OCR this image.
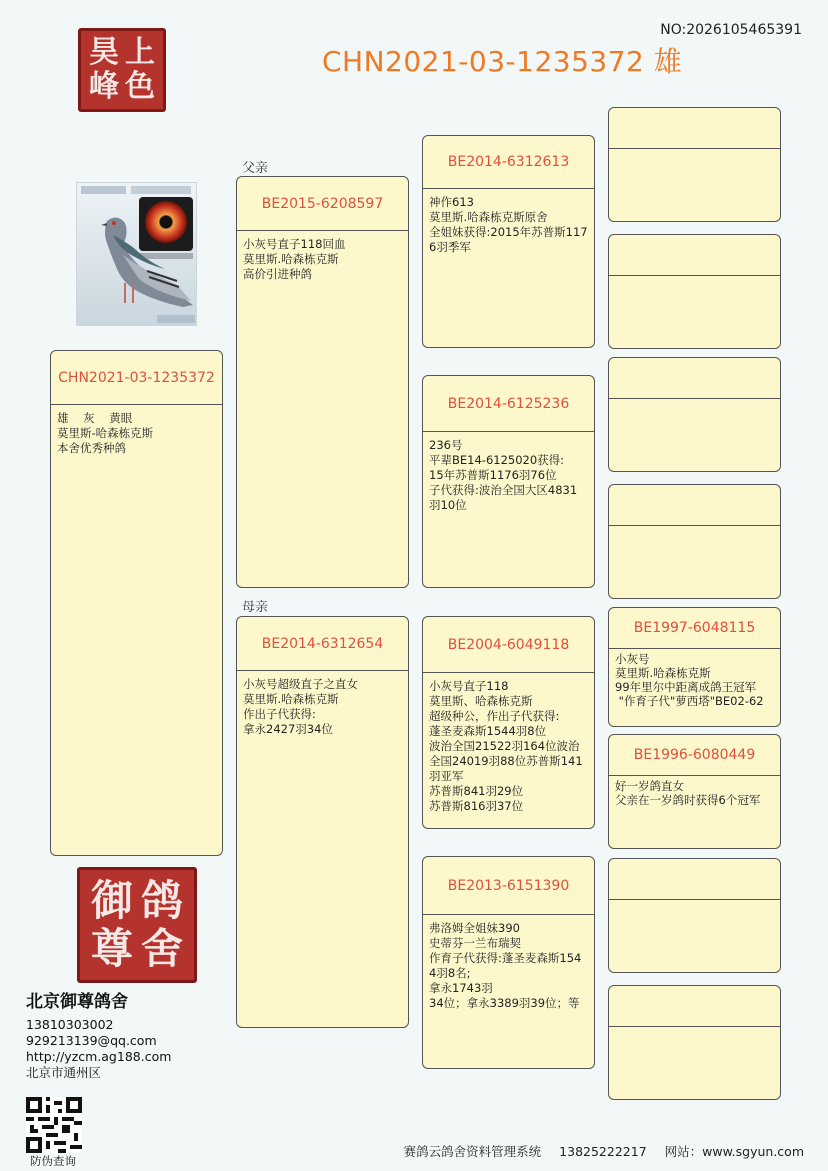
NO:2026105465391
CHN2021-03-1235372 雄
昊 上
峰 色
父亲
母亲
CHN2021-03-1235372
雄    灰    黄眼
莫里斯-哈森栋克斯
本舍优秀种鸽
BE2015-6208597
小灰号直子118回血
莫里斯.哈森栋克斯
高价引进种鸽
BE2014-6312654
小灰号超级直子之直女
莫里斯.哈森栋克斯
作出子代获得:
拿永2427羽34位
BE2014-6312613
神作613
莫里斯.哈森栋克斯原舍
全姐妹获得:2015年苏普斯1176羽季军
BE2014-6125236
236号
平辈BE14-6125020获得:
15年苏普斯1176羽76位
子代获得:波治全国大区4831羽10位
BE2004-6049118
小灰号直子118
莫里斯、哈森栋克斯
超级种公，作出子代获得:
蓬圣麦森斯1544羽8位
波治全国21522羽164位波治全国24019羽88位苏普斯141羽亚军
苏普斯841羽29位
苏普斯816羽37位
BE2013-6151390
弗洛姆全姐妹390
史蒂芬一兰布瑞契
作育子代获得:蓬圣麦森斯1544羽8名;
拿永1743羽
34位；拿永3389羽39位；等
BE1997-6048115
小灰号
莫里斯.哈森栋克斯
99年里尔中距离成鸽王冠军
"作育子代"萝西塔"BE02-62
BE1996-6080449
好一岁鸽直女
父亲在一岁鸽时获得6个冠军
御 鸽
尊 舍
北京御尊鸽舍
13810303002
929213139@qq.com
http://yzcm.ag188.com
北京市通州区
防伪查询
赛鸽云鸽舍资料管理系统 13825222217 网站：www.sgyun.com
